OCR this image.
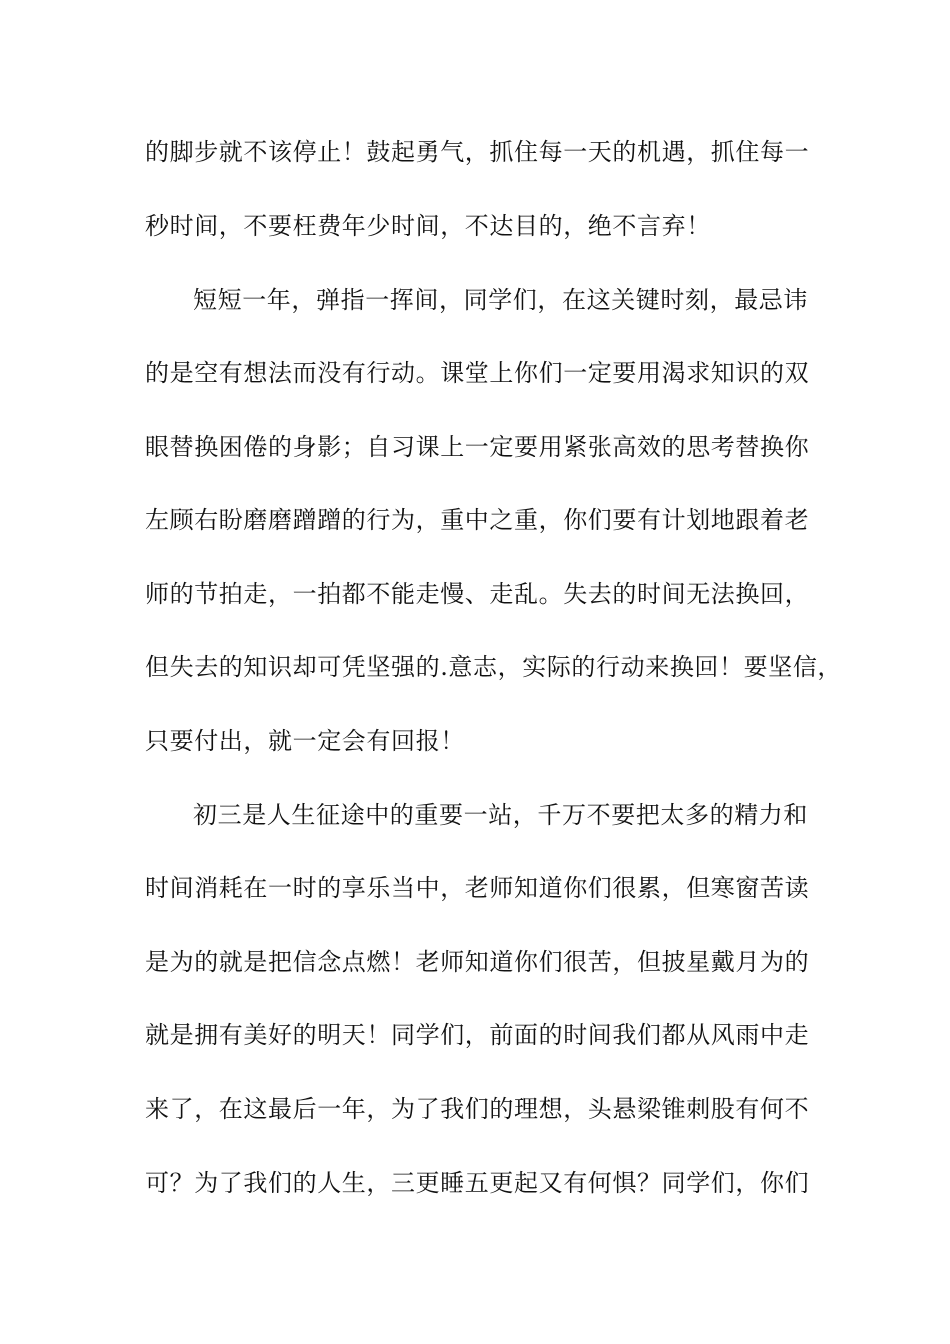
的脚步就不该停止！鼓起勇气，抓住每一天的机遇，抓住每一
秒时间，不要枉费年少时间，不达目的，绝不言弃！
短短一年，弹指一挥间，同学们，在这关键时刻，最忌讳
的是空有想法而没有行动。课堂上你们一定要用渴求知识的双
眼替换困倦的身影；自习课上一定要用紧张高效的思考替换你
左顾右盼磨磨蹭蹭的行为，重中之重，你们要有计划地跟着老
师的节拍走，一拍都不能走慢、走乱。失去的时间无法换回，
但失去的知识却可凭坚强的.意志，实际的行动来换回！要坚信，
只要付出，就一定会有回报！
初三是人生征途中的重要一站，千万不要把太多的精力和
时间消耗在一时的享乐当中，老师知道你们很累，但寒窗苦读
是为的就是把信念点燃！老师知道你们很苦，但披星戴月为的
就是拥有美好的明天！同学们，前面的时间我们都从风雨中走
来了，在这最后一年，为了我们的理想，头悬梁锥刺股有何不
可？为了我们的人生，三更睡五更起又有何惧？同学们，你们
